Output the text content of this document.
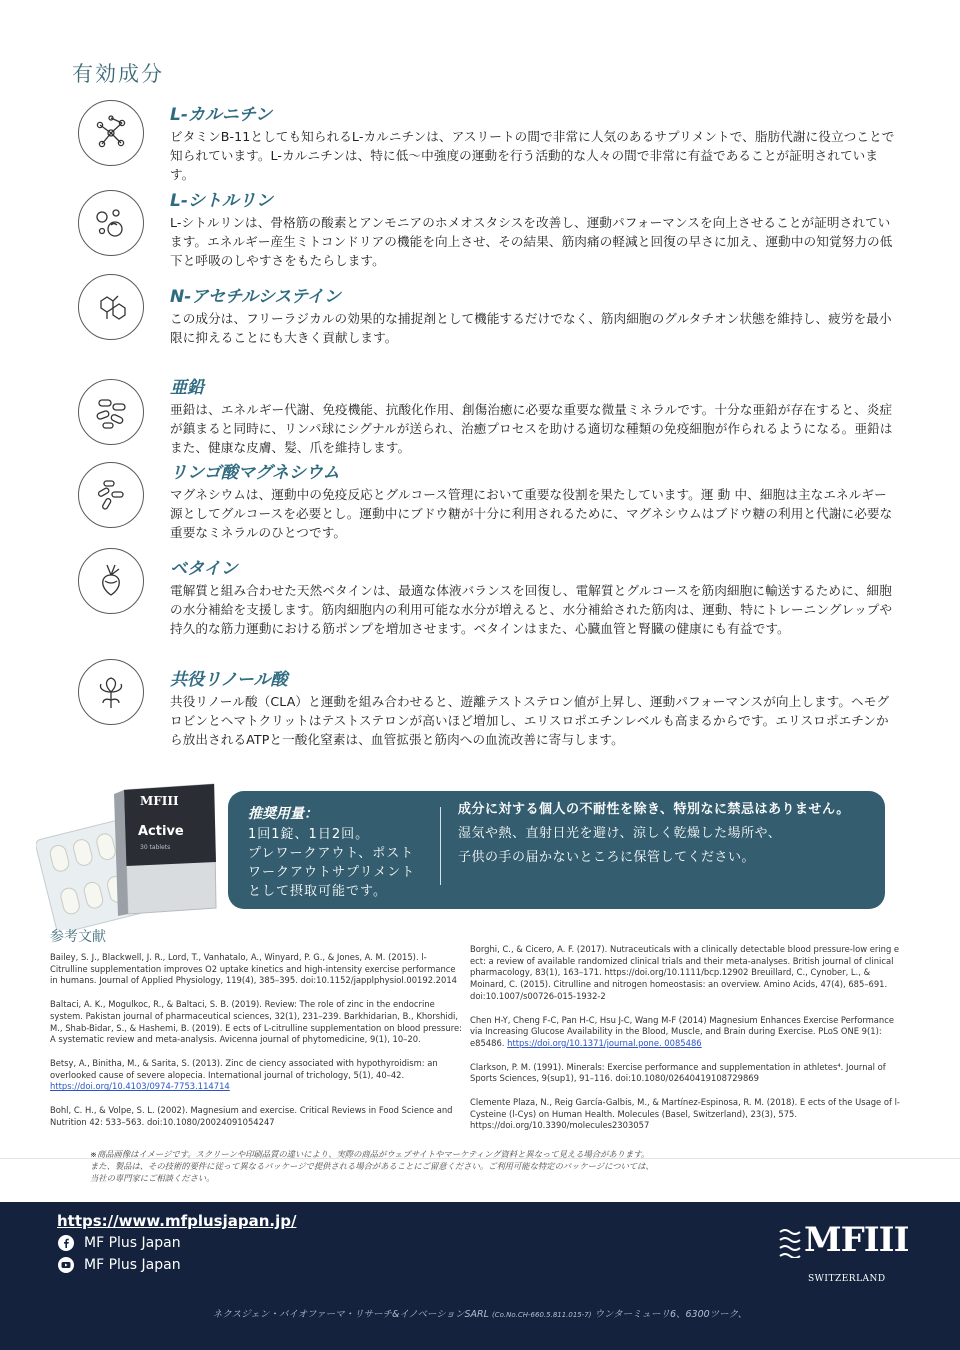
有効成分
L-カルニチン

ビタミンB-11としても知られるL-カルニチンは、アスリートの間で非常に人気のあるサプリメントで、脂肪代謝に役立つことで知られています。L-カルニチンは、特に低～中強度の運動を行う活動的な人々の間で非常に有益であることが証明されています。

L-シトルリン

L-シトルリンは、骨格筋の酸素とアンモニアのホメオスタシスを改善し、運動パフォーマンスを向上させることが証明されています。エネルギー産生ミトコンドリアの機能を向上させ、その結果、筋肉痛の軽減と回復の早さに加え、運動中の知覚努力の低下と呼吸のしやすさをもたらします。

N-アセチルシステイン

この成分は、フリーラジカルの効果的な捕捉剤として機能するだけでなく、筋肉細胞のグルタチオン状態を維持し、疲労を最小限に抑えることにも大きく貢献します。

亜鉛

亜鉛は、エネルギー代謝、免疫機能、抗酸化作用、創傷治癒に必要な重要な微量ミネラルです。十分な亜鉛が存在すると、炎症が鎮まると同時に、リンパ球にシグナルが送られ、治癒プロセスを助ける適切な種類の免疫細胞が作られるようになる。亜鉛はまた、健康な皮膚、髪、爪を維持します。

リンゴ酸マグネシウム

マグネシウムは、運動中の免疫反応とグルコース管理において重要な役割を果たしています。運 動 中、細胞は主なエネルギー源としてグルコースを必要とし。運動中にブドウ糖が十分に利用されるために、マグネシウムはブドウ糖の利用と代謝に必要な重要なミネラルのひとつです。

ベタイン

電解質と組み合わせた天然ベタインは、最適な体液バランスを回復し、電解質とグルコースを筋肉細胞に輸送するために、細胞の水分補給を支援します。筋肉細胞内の利用可能な水分が増えると、水分補給された筋肉は、運動、特にトレーニングレップや持久的な筋力運動における筋ポンプを増加させます。ベタインはまた、心臓血管と腎臓の健康にも有益です。

共役リノール酸

共役リノール酸（CLA）と運動を組み合わせると、遊離テストステロン値が上昇し、運動パフォーマンスが向上します。ヘモグロビンとヘマトクリットはテストステロンが高いほど増加し、エリスロポエチンレベルも高まるからです。エリスロポエチンから放出されるATPと一酸化窒素は、血管拡張と筋肉への血流改善に寄与します。

MFIII
Active
30 tablets

推奨用量：

1回1錠、1日2回。
プレワークアウト、ポスト
ワークアウトサプリメント
として摂取可能です。

成分に対する個人の不耐性を除き、特別なに禁忌はありません。

湿気や熱、直射日光を避け、涼しく乾燥した場所や、

子供の手の届かないところに保管してください。

参考文献

Bailey, S. J., Blackwell, J. R., Lord, T., Vanhatalo, A., Winyard, P. G., & Jones, A. M. (2015). l-Citrulline supplementation improves O2 uptake kinetics and high-intensity exercise performance in humans. Journal of Applied Physiology, 119(4), 385–395. doi:10.1152/japplphysiol.00192.2014

Baltaci, A. K., Mogulkoc, R., & Baltaci, S. B. (2019). Review: The role of zinc in the endocrine system. Pakistan journal of pharmaceutical sciences, 32(1), 231–239. Barkhidarian, B., Khorshidi, M., Shab-Bidar, S., & Hashemi, B. (2019). E ects of L-citrulline supplementation on blood pressure: A systematic review and meta-analysis. Avicenna journal of phytomedicine, 9(1), 10–20.

Betsy, A., Binitha, M., & Sarita, S. (2013). Zinc de ciency associated with hypothyroidism: an overlooked cause of severe alopecia. International journal of trichology, 5(1), 40–42.
https://doi.org/10.4103/0974-7753.114714

Bohl, C. H., & Volpe, S. L. (2002). Magnesium and exercise. Critical Reviews in Food Science and Nutrition 42: 533–563. doi:10.1080/20024091054247

Borghi, C., & Cicero, A. F. (2017). Nutraceuticals with a clinically detectable blood pressure-low ering e ect: a review of available randomized clinical trials and their meta-analyses. British journal of clinical pharmacology, 83(1), 163–171. https://doi.org/10.1111/bcp.12902 Breuillard, C., Cynober, L., & Moinard, C. (2015). Citrulline and nitrogen homeostasis: an overview. Amino Acids, 47(4), 685–691. doi:10.1007/s00726-015-1932-2

Chen H-Y, Cheng F-C, Pan H-C, Hsu J-C, Wang M-F (2014) Magnesium Enhances Exercise Performance via Increasing Glucose Availability in the Blood, Muscle, and Brain during Exercise. PLoS ONE 9(1): e85486. https://doi.org/10.1371/journal.pone. 0085486

Clarkson, P. M. (1991). Minerals: Exercise performance and supplementation in athletes⁴. Journal of Sports Sciences, 9(sup1), 91–116. doi:10.1080/02640419108729869

Clemente Plaza, N., Reig García-Galbis, M., & Martínez-Espinosa, R. M. (2018). E ects of the Usage of l-Cysteine (l-Cys) on Human Health. Molecules (Basel, Switzerland), 23(3), 575. https://doi.org/10.3390/molecules2303057

※商品画像はイメージです。スクリーンや印刷品質の違いにより、実際の商品がウェブサイトやマーケティング資料と異なって見える場合があります。

また、製品は、その技術的要件に従って異なるパッケージで提供される場合があることにご留意ください。ご利用可能な特定のパッケージについては、

当社の専門家にご相談ください。

https://www.mfplusjapan.jp/
MF Plus Japan
MF Plus Japan
MFIII
SWITZERLAND
ネクスジェン・バイオファーマ・リサーチ&イノベーションSARL (Co.No.CH-660.5.811.015-7) ウンターミューリ6、6300ツーク、
